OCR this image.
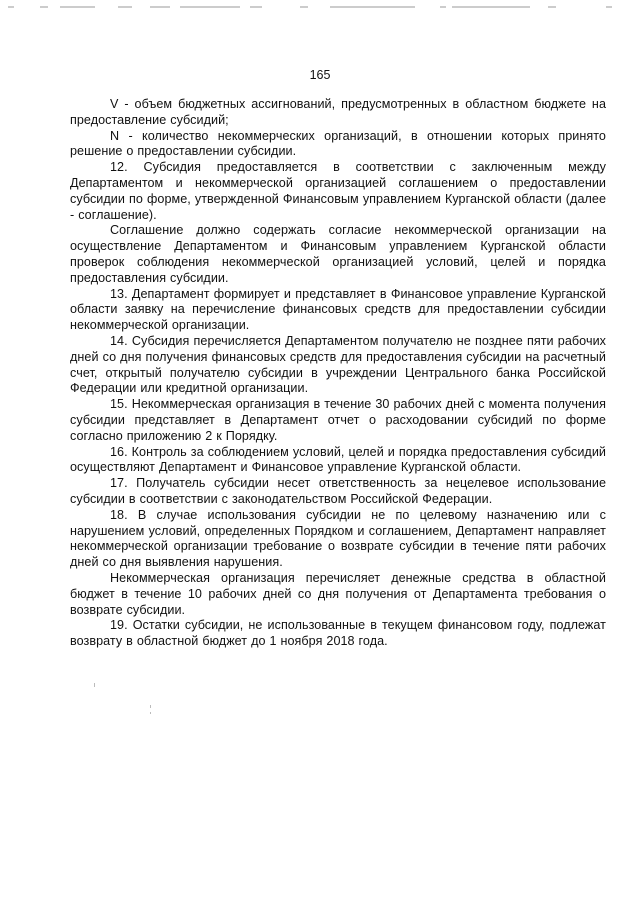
165

V - объем бюджетных ассигнований, предусмотренных в областном бюджете на предоставление субсидий;

N - количество некоммерческих организаций, в отношении которых принято решение о предоставлении субсидии.

12. Субсидия предоставляется в соответствии с заключенным между Департаментом и некоммерческой организацией соглашением о предоставлении субсидии по форме, утвержденной Финансовым управлением Курганской области (далее - соглашение).

Соглашение должно содержать согласие некоммерческой организации на осуществление Департаментом и Финансовым управлением Курганской области проверок соблюдения некоммерческой организацией условий, целей и порядка предоставления субсидии.

13. Департамент формирует и представляет в Финансовое управление Курганской области заявку на перечисление финансовых средств для предоставлении субсидии некоммерческой организации.

14. Субсидия перечисляется Департаментом получателю не позднее пяти рабочих дней со дня получения финансовых средств для предоставления субсидии на расчетный счет, открытый получателю субсидии в учреждении Центрального банка Российской Федерации или кредитной организации.

15. Некоммерческая организация в течение 30 рабочих дней с момента получения субсидии представляет в Департамент отчет о расходовании субсидий по форме согласно приложению 2 к Порядку.

16. Контроль за соблюдением условий, целей и порядка предоставления субсидий осуществляют Департамент и Финансовое управление Курганской области.

17. Получатель субсидии несет ответственность за нецелевое использование субсидии в соответствии с законодательством Российской Федерации.

18. В случае использования субсидии не по целевому назначению или с нарушением условий, определенных Порядком и соглашением, Департамент направляет некоммерческой организации требование о возврате субсидии в течение пяти рабочих дней со дня выявления нарушения.

Некоммерческая организация перечисляет денежные средства в областной бюджет в течение 10 рабочих дней со дня получения от Департамента требования о возврате субсидии.

19. Остатки субсидии, не использованные в текущем финансовом году, подлежат возврату в областной бюджет до 1 ноября 2018 года.
